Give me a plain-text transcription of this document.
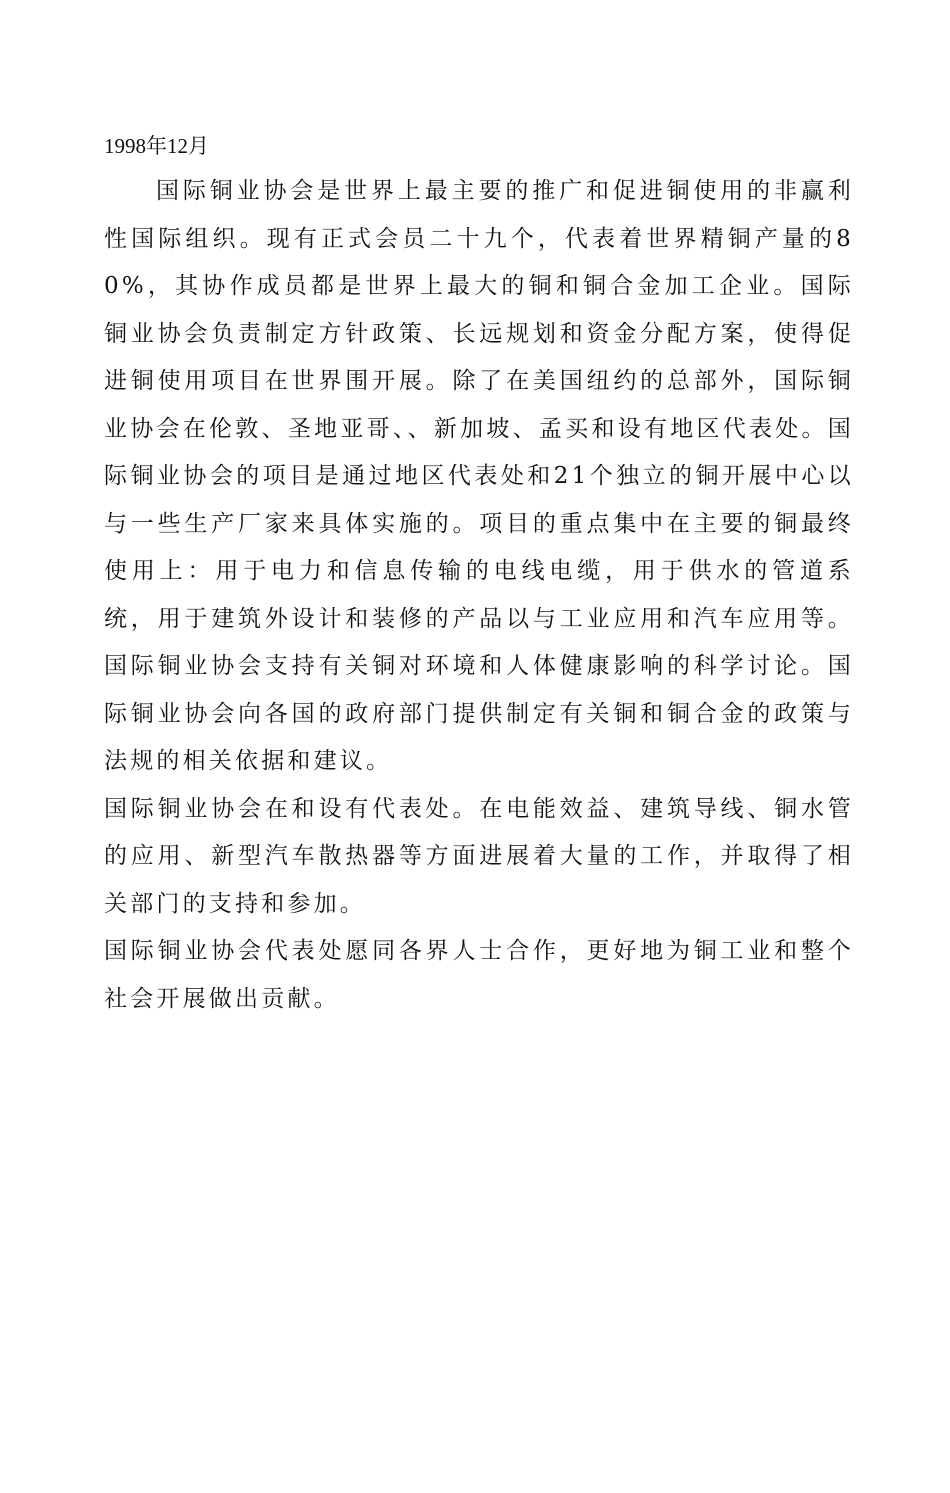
1998年12月

国际铜业协会是世界上最主要的推广和促进铜使用的非赢利性国际组织。现有正式会员二十九个，代表着世界精铜产量的80%，其协作成员都是世界上最大的铜和铜合金加工企业。国际铜业协会负责制定方针政策、长远规划和资金分配方案，使得促进铜使用项目在世界围开展。除了在美国纽约的总部外，国际铜业协会在伦敦、圣地亚哥、、新加坡、孟买和设有地区代表处。国际铜业协会的项目是通过地区代表处和21个独立的铜开展中心以与一些生产厂家来具体实施的。项目的重点集中在主要的铜最终使用上：用于电力和信息传输的电线电缆，用于供水的管道系统，用于建筑外设计和装修的产品以与工业应用和汽车应用等。国际铜业协会支持有关铜对环境和人体健康影响的科学讨论。国际铜业协会向各国的政府部门提供制定有关铜和铜合金的政策与法规的相关依据和建议。

国际铜业协会在和设有代表处。在电能效益、建筑导线、铜水管的应用、新型汽车散热器等方面进展着大量的工作，并取得了相关部门的支持和参加。

国际铜业协会代表处愿同各界人士合作，更好地为铜工业和整个社会开展做出贡献。
